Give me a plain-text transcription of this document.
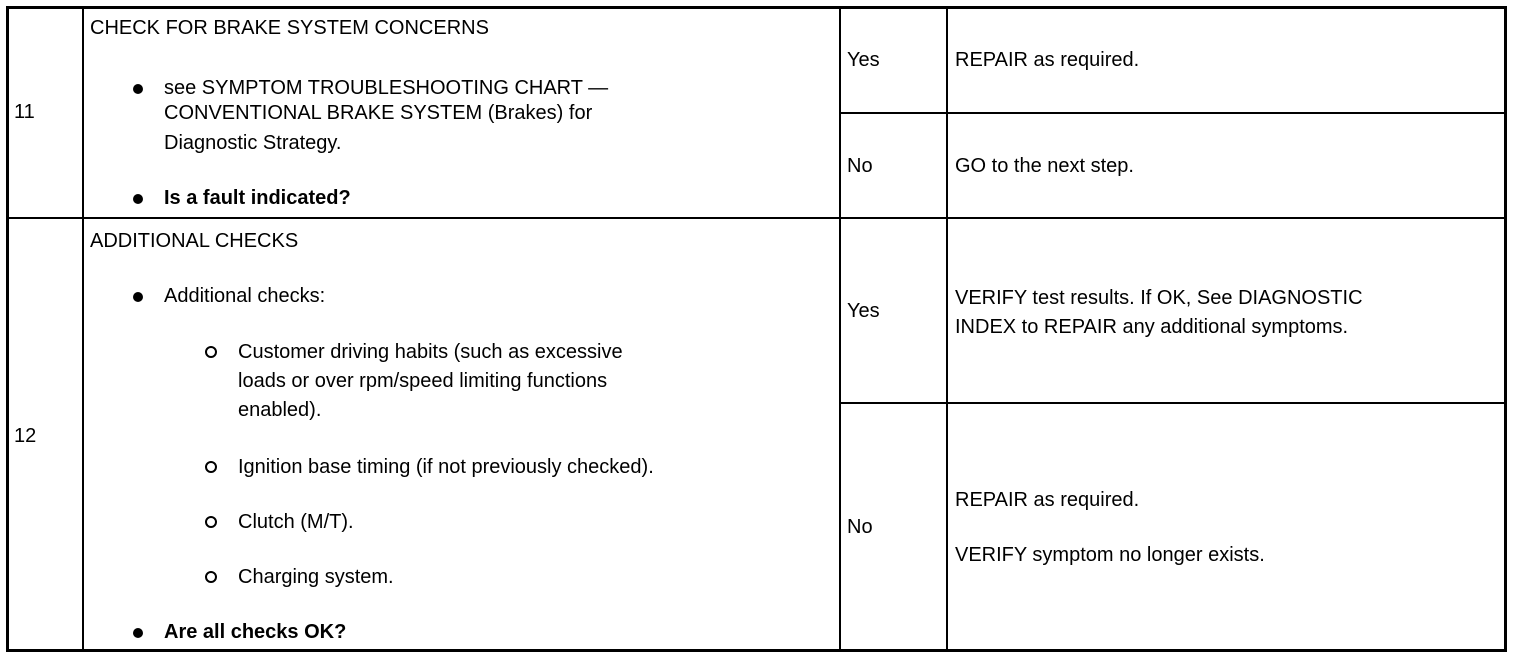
11
CHECK FOR BRAKE SYSTEM CONCERNS
see SYMPTOM TROUBLESHOOTING CHART —
CONVENTIONAL BRAKE SYSTEM (Brakes) for
Diagnostic Strategy.
Is a fault indicated?
Yes	REPAIR as required.
No	GO to the next step.
12
ADDITIONAL CHECKS
Additional checks:
Customer driving habits (such as excessive
loads or over rpm/speed limiting functions
enabled).
Ignition base timing (if not previously checked).
Clutch (M/T).
Charging system.
Are all checks OK?
Yes
VERIFY test results. If OK, See DIAGNOSTIC
INDEX to REPAIR any additional symptoms.
No
REPAIR as required.
VERIFY symptom no longer exists.
